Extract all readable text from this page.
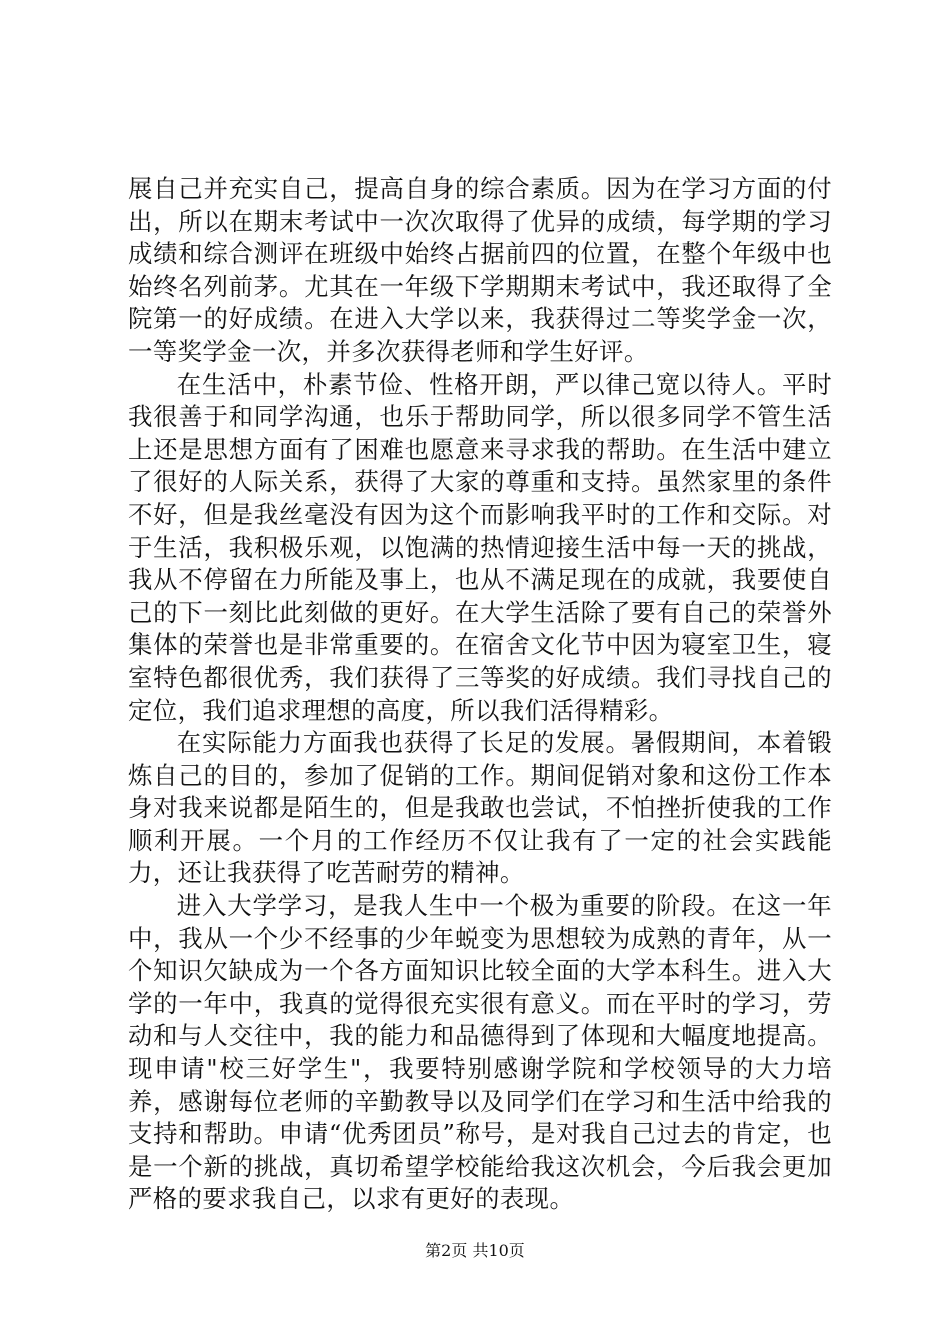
展自己并充实自己，提高自身的综合素质。因为在学习方面的付出，所以在期末考试中一次次取得了优异的成绩，每学期的学习成绩和综合测评在班级中始终占据前四的位置，在整个年级中也始终名列前茅。尤其在一年级下学期期末考试中，我还取得了全院第一的好成绩。在进入大学以来，我获得过二等奖学金一次，一等奖学金一次，并多次获得老师和学生好评。

在生活中，朴素节俭、性格开朗，严以律己宽以待人。平时我很善于和同学沟通，也乐于帮助同学，所以很多同学不管生活上还是思想方面有了困难也愿意来寻求我的帮助。在生活中建立了很好的人际关系，获得了大家的尊重和支持。虽然家里的条件不好，但是我丝毫没有因为这个而影响我平时的工作和交际。对于生活，我积极乐观，以饱满的热情迎接生活中每一天的挑战，我从不停留在力所能及事上，也从不满足现在的成就，我要使自己的下一刻比此刻做的更好。在大学生活除了要有自己的荣誉外集体的荣誉也是非常重要的。在宿舍文化节中因为寝室卫生，寝室特色都很优秀，我们获得了三等奖的好成绩。我们寻找自己的定位，我们追求理想的高度，所以我们活得精彩。

在实际能力方面我也获得了长足的发展。暑假期间，本着锻炼自己的目的，参加了促销的工作。期间促销对象和这份工作本身对我来说都是陌生的，但是我敢也尝试，不怕挫折使我的工作顺利开展。一个月的工作经历不仅让我有了一定的社会实践能力，还让我获得了吃苦耐劳的精神。

进入大学学习，是我人生中一个极为重要的阶段。在这一年中，我从一个少不经事的少年蜕变为思想较为成熟的青年，从一个知识欠缺成为一个各方面知识比较全面的大学本科生。进入大学的一年中，我真的觉得很充实很有意义。而在平时的学习，劳动和与人交往中，我的能力和品德得到了体现和大幅度地提高。现申请"校三好学生"，我要特别感谢学院和学校领导的大力培养，感谢每位老师的辛勤教导以及同学们在学习和生活中给我的支持和帮助。申请“优秀团员”称号，是对我自己过去的肯定，也是一个新的挑战，真切希望学校能给我这次机会，今后我会更加严格的要求我自己，以求有更好的表现。

第2页 共10页
